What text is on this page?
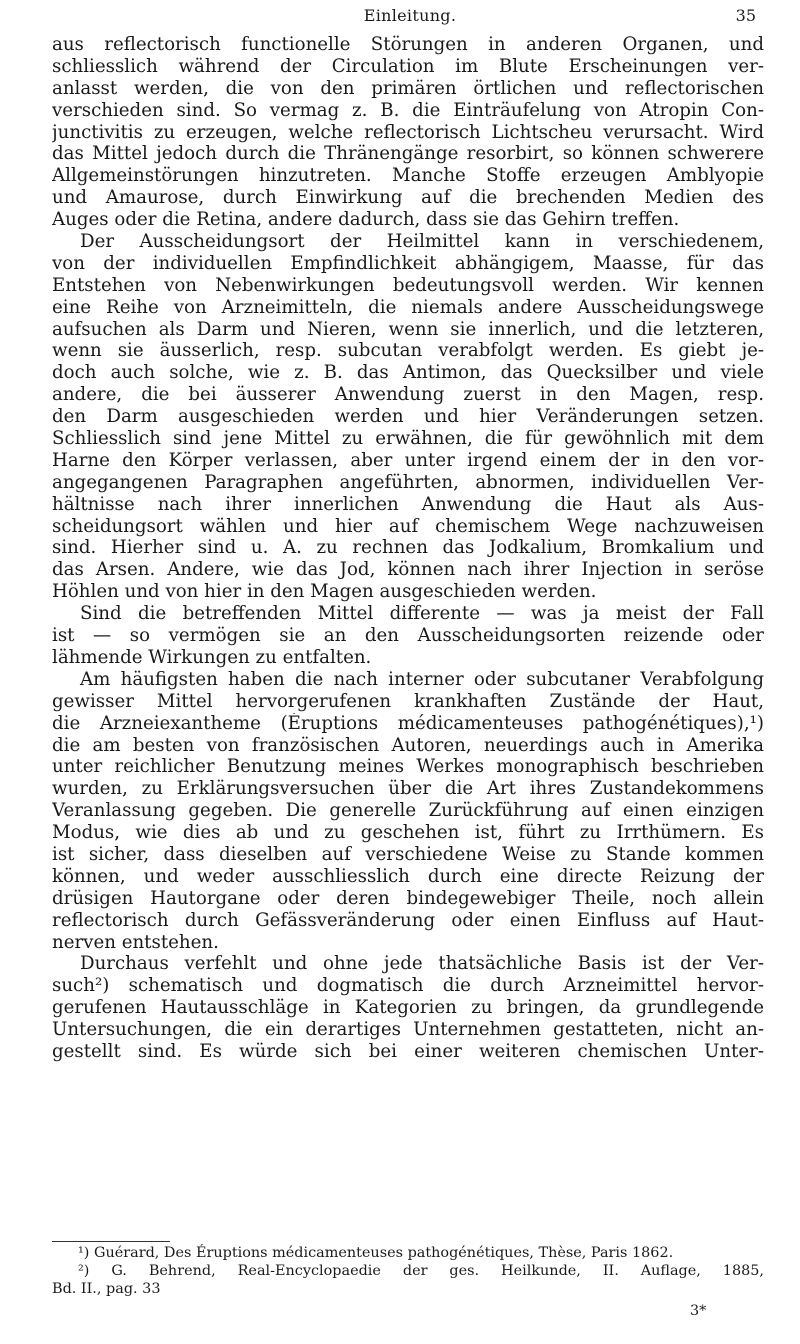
Einleitung.	35
aus reflectorisch functionelle Störungen in anderen Organen, und
schliesslich während der Circulation im Blute Erscheinungen ver-
anlasst werden, die von den primären örtlichen und reflectorischen
verschieden sind. So vermag z. B. die Einträufelung von Atropin Con-
junctivitis zu erzeugen, welche reflectorisch Lichtscheu verursacht. Wird
das Mittel jedoch durch die Thränengänge resorbirt, so können schwerere
Allgemeinstörungen hinzutreten. Manche Stoffe erzeugen Amblyopie
und Amaurose, durch Einwirkung auf die brechenden Medien des
Auges oder die Retina, andere dadurch, dass sie das Gehirn treffen.
Der Ausscheidungsort der Heilmittel kann in verschiedenem,
von der individuellen Empfindlichkeit abhängigem, Maasse, für das
Entstehen von Nebenwirkungen bedeutungsvoll werden. Wir kennen
eine Reihe von Arzneimitteln, die niemals andere Ausscheidungswege
aufsuchen als Darm und Nieren, wenn sie innerlich, und die letzteren,
wenn sie äusserlich, resp. subcutan verabfolgt werden. Es giebt je-
doch auch solche, wie z. B. das Antimon, das Quecksilber und viele
andere, die bei äusserer Anwendung zuerst in den Magen, resp.
den Darm ausgeschieden werden und hier Veränderungen setzen.
Schliesslich sind jene Mittel zu erwähnen, die für gewöhnlich mit dem
Harne den Körper verlassen, aber unter irgend einem der in den vor-
angegangenen Paragraphen angeführten, abnormen, individuellen Ver-
hältnisse nach ihrer innerlichen Anwendung die Haut als Aus-
scheidungsort wählen und hier auf chemischem Wege nachzuweisen
sind. Hierher sind u. A. zu rechnen das Jodkalium, Bromkalium und
das Arsen. Andere, wie das Jod, können nach ihrer Injection in seröse
Höhlen und von hier in den Magen ausgeschieden werden.
Sind die betreffenden Mittel differente — was ja meist der Fall
ist — so vermögen sie an den Ausscheidungsorten reizende oder
lähmende Wirkungen zu entfalten.
Am häufigsten haben die nach interner oder subcutaner Verabfolgung
gewisser Mittel hervorgerufenen krankhaften Zustände der Haut,
die Arzneiexantheme (Éruptions médicamenteuses pathogénétiques),¹)
die am besten von französischen Autoren, neuerdings auch in Amerika
unter reichlicher Benutzung meines Werkes monographisch beschrieben
wurden, zu Erklärungsversuchen über die Art ihres Zustandekommens
Veranlassung gegeben. Die generelle Zurückführung auf einen einzigen
Modus, wie dies ab und zu geschehen ist, führt zu Irrthümern. Es
ist sicher, dass dieselben auf verschiedene Weise zu Stande kommen
können, und weder ausschliesslich durch eine directe Reizung der
drüsigen Hautorgane oder deren bindegewebiger Theile, noch allein
reflectorisch durch Gefässveränderung oder einen Einfluss auf Haut-
nerven entstehen.
Durchaus verfehlt und ohne jede thatsächliche Basis ist der Ver-
such²) schematisch und dogmatisch die durch Arzneimittel hervor-
gerufenen Hautausschläge in Kategorien zu bringen, da grundlegende
Untersuchungen, die ein derartiges Unternehmen gestatteten, nicht an-
gestellt sind. Es würde sich bei einer weiteren chemischen Unter-
¹) Guérard, Des Éruptions médicamenteuses pathogénétiques, Thèse, Paris 1862.
²) G. Behrend, Real-Encyclopaedie der ges. Heilkunde, II. Auflage, 1885,
Bd. II., pag. 33
3*
